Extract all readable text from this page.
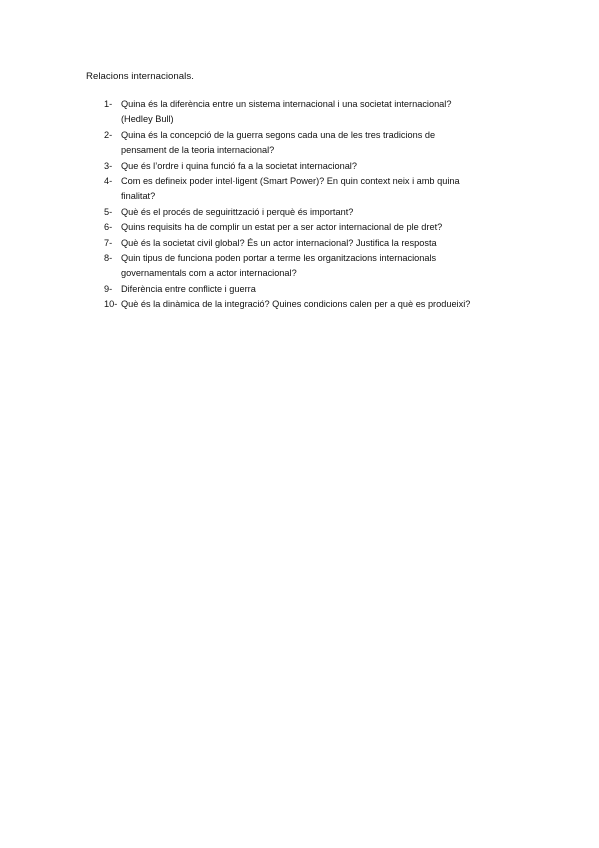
Relacions internacionals.
1- Quina és la diferència entre un sistema internacional i una societat internacional?
(Hedley Bull)
2- Quina és la concepció de la guerra segons cada una de les tres tradicions de
pensament de la teoria internacional?
3- Que és l’ordre i quina funció fa a la societat internacional?
4- Com es defineix poder intel·ligent (Smart Power)? En quin context neix i amb quina
finalitat?
5- Què és el procés de seguirittzació i perquè és important?
6- Quins requisits ha de complir un estat per a ser actor internacional de ple dret?
7- Què és la societat civil global? És un actor internacional? Justifica la resposta
8- Quin tipus de funciona poden portar a terme les organitzacions internacionals
governamentals com a actor internacional?
9- Diferència entre conflicte i guerra
10- Què és la dinàmica de la integració? Quines condicions calen per a què es produeixi?
